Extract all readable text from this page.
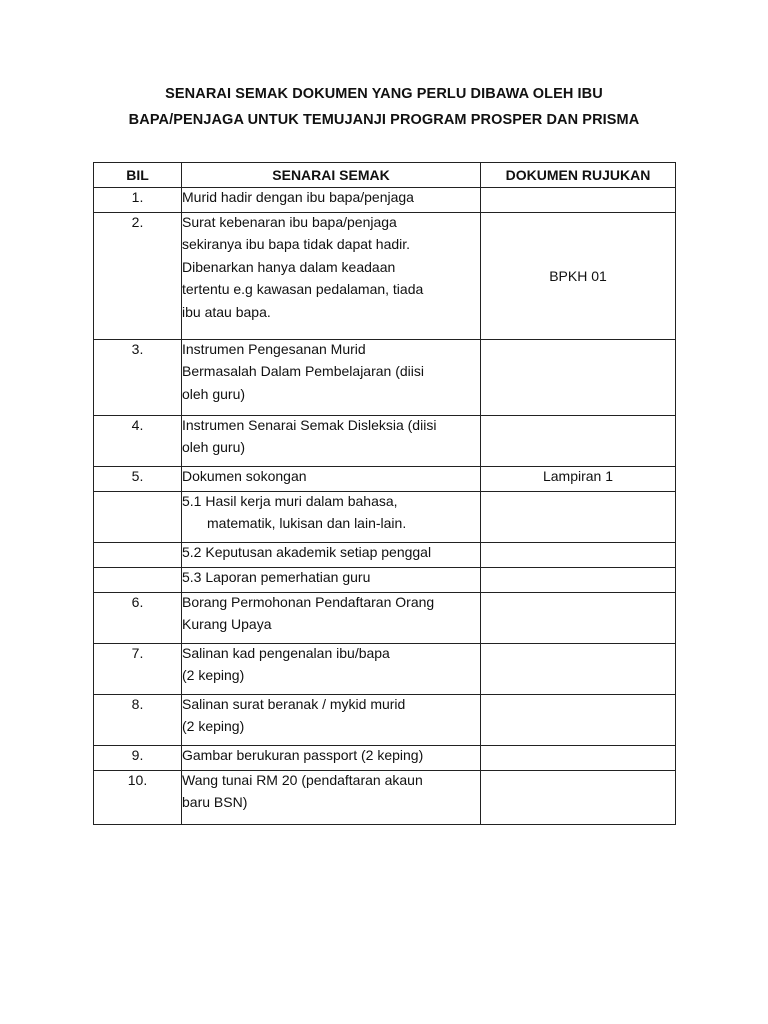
SENARAI SEMAK DOKUMEN YANG PERLU DIBAWA OLEH IBU
BAPA/PENJAGA UNTUK TEMUJANJI PROGRAM PROSPER DAN PRISMA
BIL	SENARAI SEMAK	DOKUMEN RUJUKAN
1.	Murid hadir dengan ibu bapa/penjaga	

2.	Surat kebenaran ibu bapa/penjaga
sekiranya ibu bapa tidak dapat hadir.
Dibenarkan hanya dalam keadaan
tertentu e.g kawasan pedalaman, tiada
ibu atau bapa.	BPKH 01
3.	Instrumen Pengesanan Murid
Bermasalah Dalam Pembelajaran (diisi
oleh guru)	

4.	Instrumen Senarai Semak Disleksia (diisi
oleh guru)	

5.	Dokumen sokongan	Lampiran 1

	5.1 Hasil kerja muri dalam bahasa,
matematik, lukisan dan lain-lain.	

	5.2 Keputusan akademik setiap penggal	

	5.3 Laporan pemerhatian guru	

6.	Borang Permohonan Pendaftaran Orang
Kurang Upaya	

7.	Salinan kad pengenalan ibu/bapa
(2 keping)	

8.	Salinan surat beranak / mykid murid
(2 keping)	

9.	Gambar berukuran passport (2 keping)	

10.	Wang tunai RM 20 (pendaftaran akaun
baru BSN)	
